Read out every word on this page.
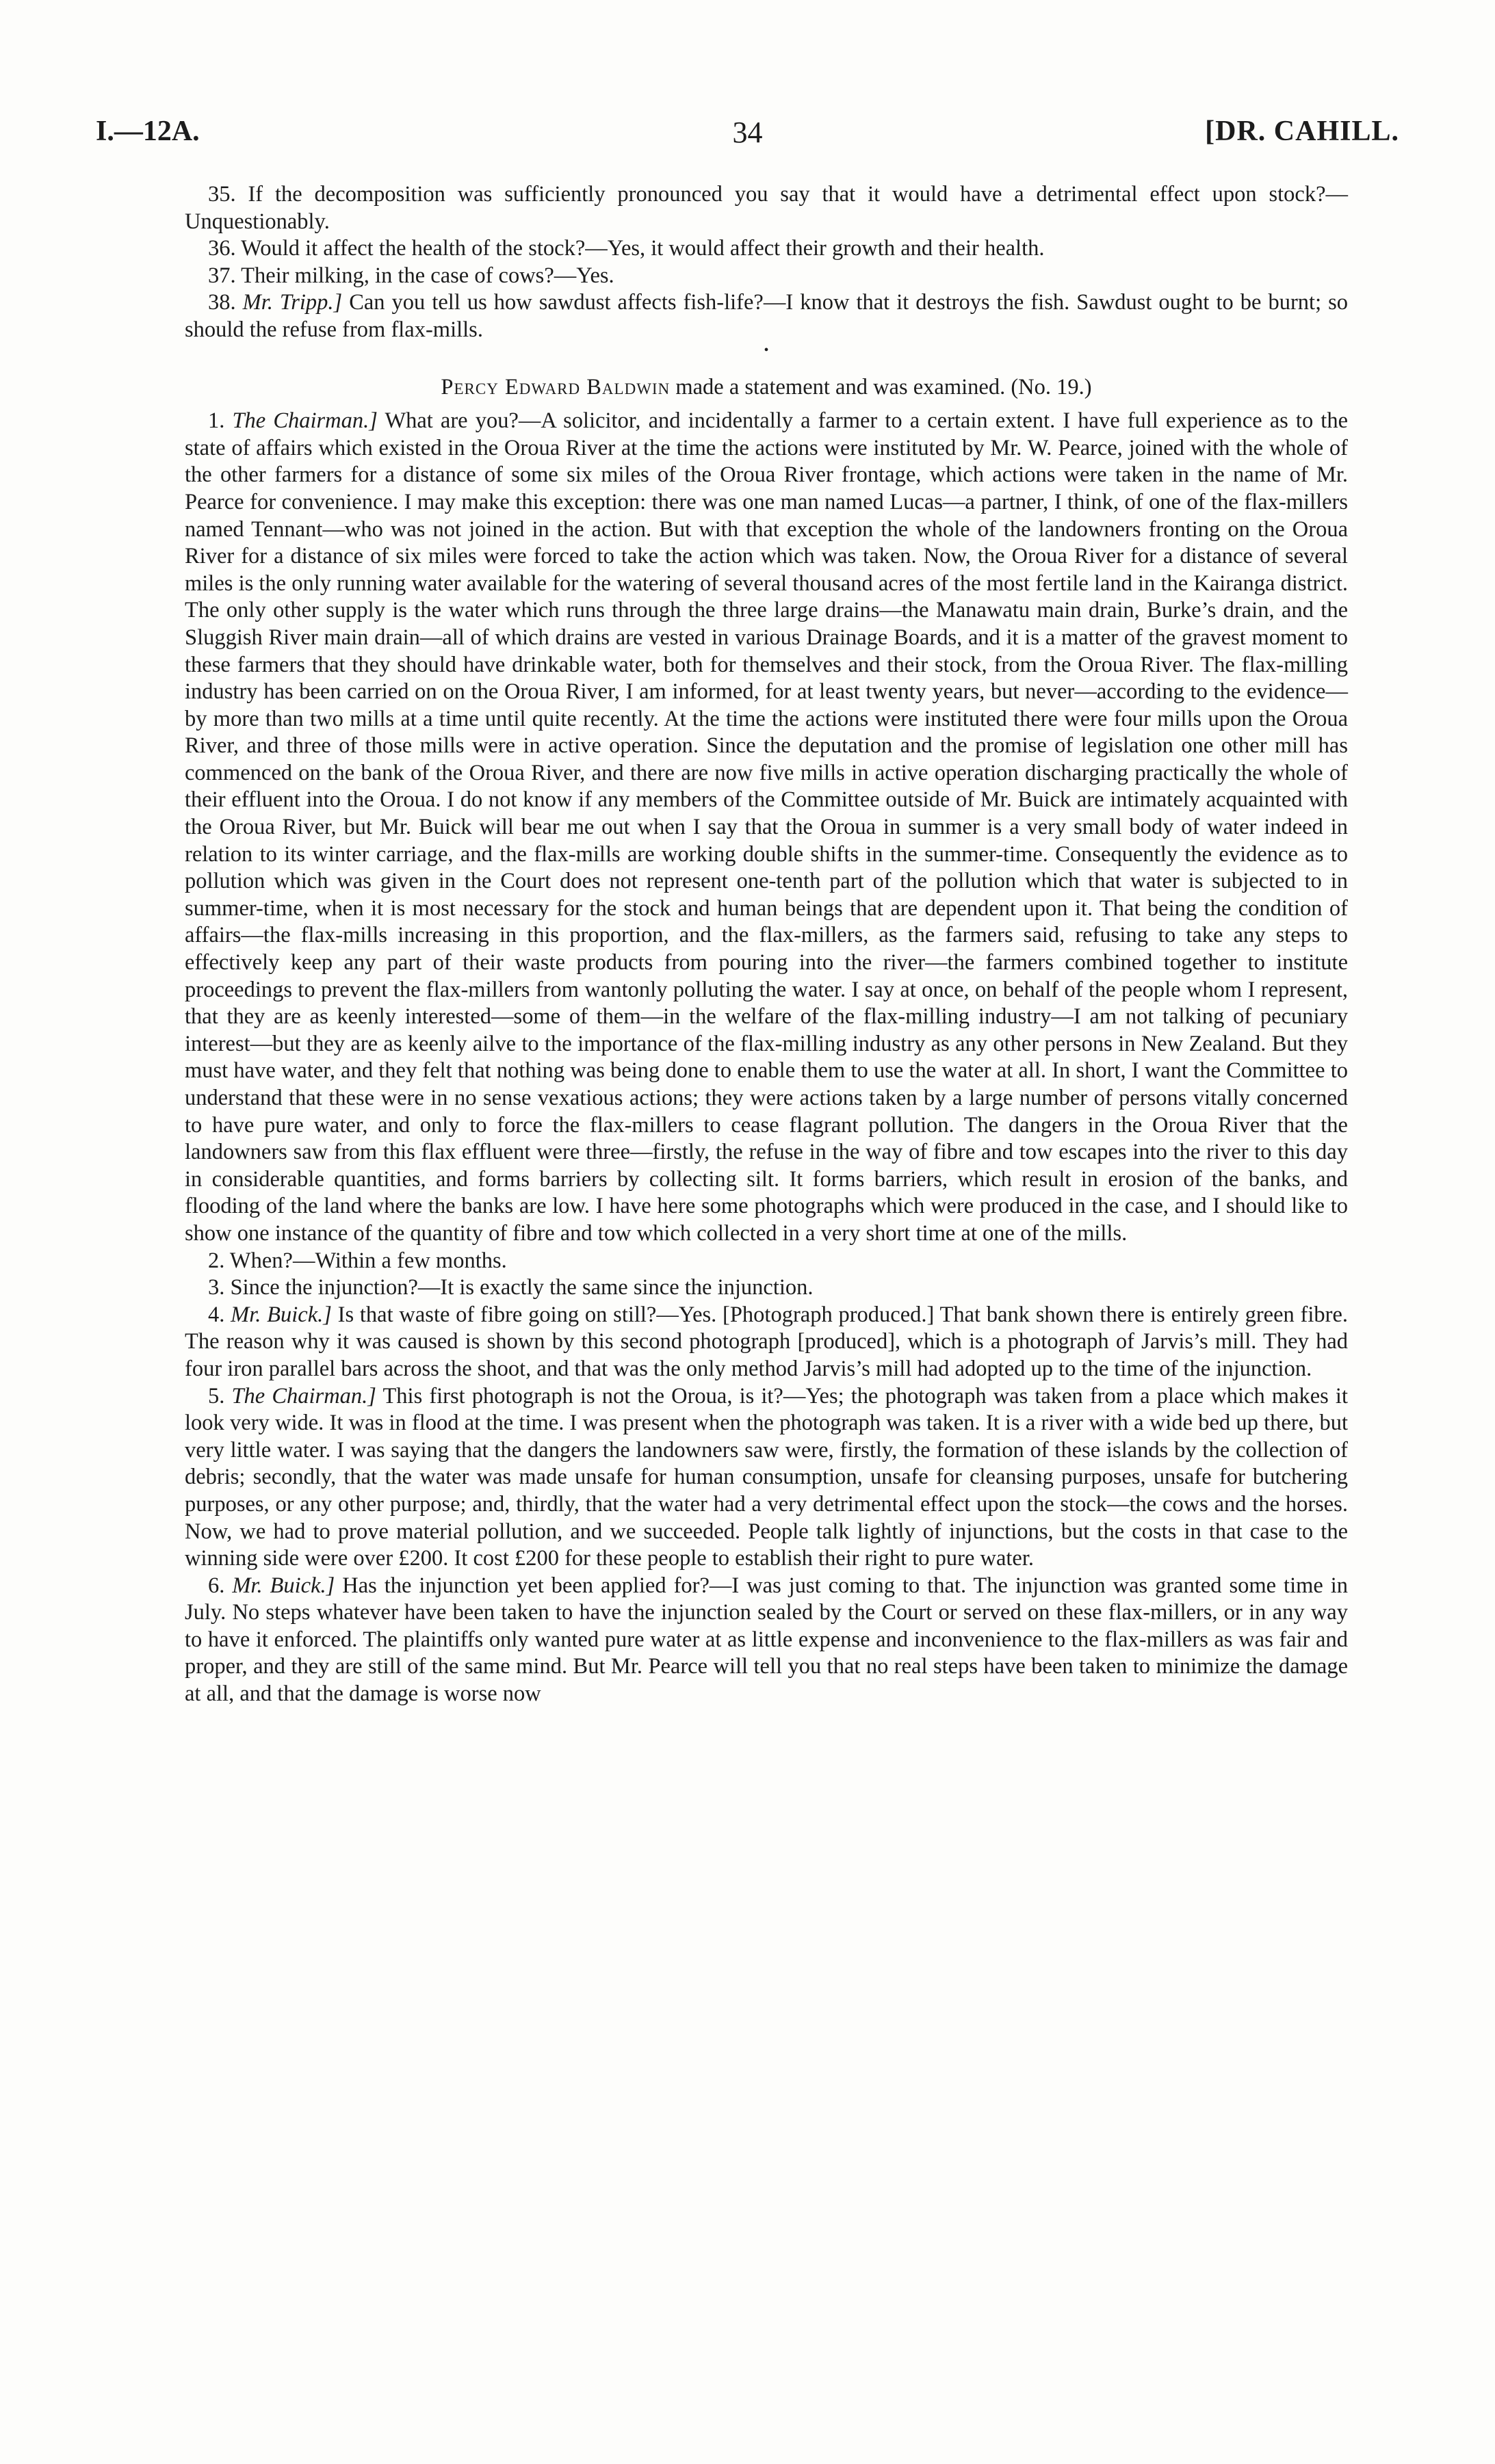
I.—12A.	34	[DR. CAHILL.

35. If the decomposition was sufficiently pronounced you say that it would have a detrimental effect upon stock?—Unquestionably.

36. Would it affect the health of the stock?—Yes, it would affect their growth and their health.

37. Their milking, in the case of cows?—Yes.

38. Mr. Tripp.] Can you tell us how sawdust affects fish-life?—I know that it destroys the fish. Sawdust ought to be burnt; so should the refuse from flax-mills.

•

Percy Edward Baldwin made a statement and was examined. (No. 19.)

1. The Chairman.] What are you?—A solicitor, and incidentally a farmer to a certain extent. I have full experience as to the state of affairs which existed in the Oroua River at the time the actions were instituted by Mr. W. Pearce, joined with the whole of the other farmers for a distance of some six miles of the Oroua River frontage, which actions were taken in the name of Mr. Pearce for convenience. I may make this exception: there was one man named Lucas—a partner, I think, of one of the flax-millers named Tennant—who was not joined in the action. But with that exception the whole of the landowners fronting on the Oroua River for a distance of six miles were forced to take the action which was taken. Now, the Oroua River for a distance of several miles is the only running water available for the watering of several thousand acres of the most fertile land in the Kairanga district. The only other supply is the water which runs through the three large drains—the Manawatu main drain, Burke’s drain, and the Sluggish River main drain—all of which drains are vested in various Drainage Boards, and it is a matter of the gravest moment to these farmers that they should have drinkable water, both for themselves and their stock, from the Oroua River. The flax-milling industry has been carried on on the Oroua River, I am informed, for at least twenty years, but never—according to the evidence—by more than two mills at a time until quite recently. At the time the actions were instituted there were four mills upon the Oroua River, and three of those mills were in active operation. Since the deputation and the promise of legislation one other mill has commenced on the bank of the Oroua River, and there are now five mills in active operation discharging practically the whole of their effluent into the Oroua. I do not know if any members of the Committee outside of Mr. Buick are intimately acquainted with the Oroua River, but Mr. Buick will bear me out when I say that the Oroua in summer is a very small body of water indeed in relation to its winter carriage, and the flax-mills are working double shifts in the summer-time. Consequently the evidence as to pollution which was given in the Court does not represent one-tenth part of the pollution which that water is subjected to in summer-time, when it is most necessary for the stock and human beings that are dependent upon it. That being the condition of affairs—the flax-mills increasing in this proportion, and the flax-millers, as the farmers said, refusing to take any steps to effectively keep any part of their waste products from pouring into the river—the farmers combined together to institute proceedings to prevent the flax-millers from wantonly polluting the water. I say at once, on behalf of the people whom I represent, that they are as keenly interested—some of them—in the welfare of the flax-milling industry—I am not talking of pecuniary interest—but they are as keenly ailve to the importance of the flax-milling industry as any other persons in New Zealand. But they must have water, and they felt that nothing was being done to enable them to use the water at all. In short, I want the Committee to understand that these were in no sense vexatious actions; they were actions taken by a large number of persons vitally concerned to have pure water, and only to force the flax-millers to cease flagrant pollution. The dangers in the Oroua River that the landowners saw from this flax effluent were three—firstly, the refuse in the way of fibre and tow escapes into the river to this day in considerable quantities, and forms barriers by collecting silt. It forms barriers, which result in erosion of the banks, and flooding of the land where the banks are low. I have here some photographs which were produced in the case, and I should like to show one instance of the quantity of fibre and tow which collected in a very short time at one of the mills.

2. When?—Within a few months.

3. Since the injunction?—It is exactly the same since the injunction.

4. Mr. Buick.] Is that waste of fibre going on still?—Yes. [Photograph produced.] That bank shown there is entirely green fibre. The reason why it was caused is shown by this second photograph [produced], which is a photograph of Jarvis’s mill. They had four iron parallel bars across the shoot, and that was the only method Jarvis’s mill had adopted up to the time of the injunction.

5. The Chairman.] This first photograph is not the Oroua, is it?—Yes; the photograph was taken from a place which makes it look very wide. It was in flood at the time. I was present when the photograph was taken. It is a river with a wide bed up there, but very little water. I was saying that the dangers the landowners saw were, firstly, the formation of these islands by the collection of debris; secondly, that the water was made unsafe for human consumption, unsafe for cleansing purposes, unsafe for butchering purposes, or any other purpose; and, thirdly, that the water had a very detrimental effect upon the stock—the cows and the horses. Now, we had to prove material pollution, and we succeeded. People talk lightly of injunctions, but the costs in that case to the winning side were over £200. It cost £200 for these people to establish their right to pure water.

6. Mr. Buick.] Has the injunction yet been applied for?—I was just coming to that. The injunction was granted some time in July. No steps whatever have been taken to have the injunction sealed by the Court or served on these flax-millers, or in any way to have it enforced. The plaintiffs only wanted pure water at as little expense and inconvenience to the flax-millers as was fair and proper, and they are still of the same mind. But Mr. Pearce will tell you that no real steps have been taken to minimize the damage at all, and that the damage is worse now
